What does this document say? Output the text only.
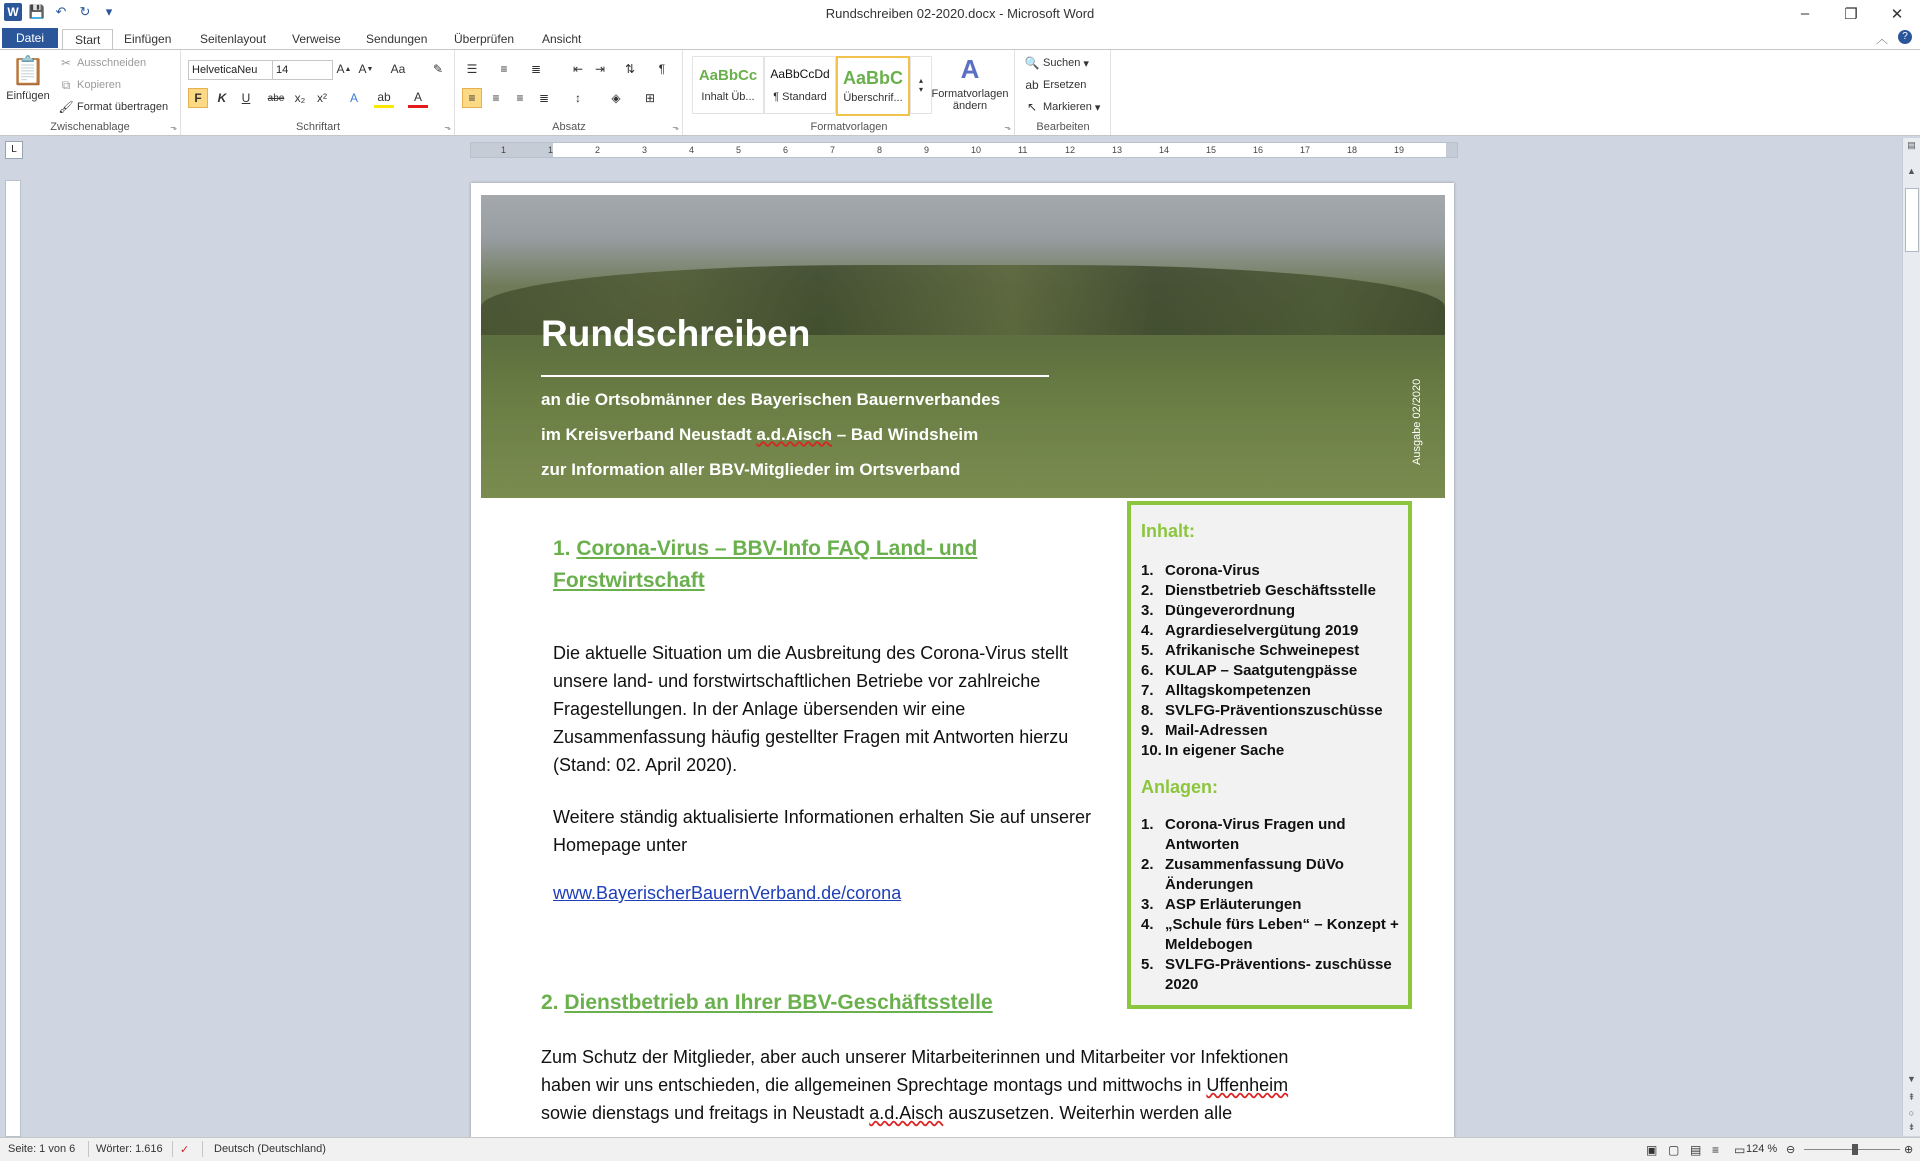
W 💾 ↶ ↻	▾	Rundschreiben 02-2020.docx - Microsoft Word	–	❐	✕
Datei	Start	Einfügen	Seitenlayout	Verweise	Sendungen	Überprüfen	Ansicht	︿	?
📋
Einfügen
✂ Ausschneiden
⧉ Kopieren
🖌 Format übertragen
Zwischenablage	⬎
HelveticaNeu	14	A ▲ A ▼ Aa	✎
F	K	U	abe x₂ x²	A	ab	A
Schriftart	⬎
☰	≡	≣	⇤ ⇥	⇅	¶
≡	≡	≡	≣	↕	◈	⊞
Absatz	⬎
AaBbCc
Inhalt Üb...
AaBbCcDd
¶ Standard
AaBbC
Überschrif...
▴
▾
A
Formatvorlagen ändern
Formatvorlagen	⬎
🔍 Suchen ▾
ab Ersetzen
↖ Markieren ▾
Bearbeiten
L	1	1	2	3	4	5	6	7	8	9	10	11	12	13	14	15	16	17	18	19	▤
▲
▼
⇞
○
⇟
Rundschreiben
an die Ortsobmänner des Bayerischen Bauernverbandes
im Kreisverband Neustadt a.d.Aisch – Bad Windsheim
zur Information aller BBV-Mitglieder im Ortsverband
Ausgabe 02/2020
Inhalt:
1. Corona-Virus
2. Dienstbetrieb Geschäftsstelle
3. Düngeverordnung
4. Agrardieselvergütung 2019
5. Afrikanische Schweinepest
6. KULAP – Saatgutengpässe
7. Alltagskompetenzen
8. SVLFG-Präventionszuschüsse
9. Mail-Adressen
10. In eigener Sache
Anlagen:
1. Corona-Virus Fragen und Antworten
2. Zusammenfassung DüVo Änderungen
3. ASP Erläuterungen
4. „Schule fürs Leben“ – Konzept + Meldebogen
5. SVLFG-Präventions- zuschüsse 2020
1. Corona-Virus – BBV-Info FAQ Land- und Forstwirtschaft
Die aktuelle Situation um die Ausbreitung des Corona-Virus stellt unsere land- und forstwirtschaftlichen Betriebe vor zahlreiche Fragestellungen. In der Anlage übersenden wir eine Zusammenfassung häufig gestellter Fragen mit Antworten hierzu (Stand: 02. April 2020).
Weitere ständig aktualisierte Informationen erhalten Sie auf unserer Homepage unter
www.BayerischerBauernVerband.de/corona
2. Dienstbetrieb an Ihrer BBV-Geschäftsstelle
Zum Schutz der Mitglieder, aber auch unserer Mitarbeiterinnen und Mitarbeiter vor Infektionen
haben wir uns entschieden, die allgemeinen Sprechtage montags und mittwochs in Uffenheim
sowie dienstags und freitags in Neustadt a.d.Aisch auszusetzen. Weiterhin werden alle
Seite: 1 von 6 Wörter: 1.616 ✓ Deutsch (Deutschland)	▣ ▢ ▤ ≡ ▭ 124 % ⊖	⊕
